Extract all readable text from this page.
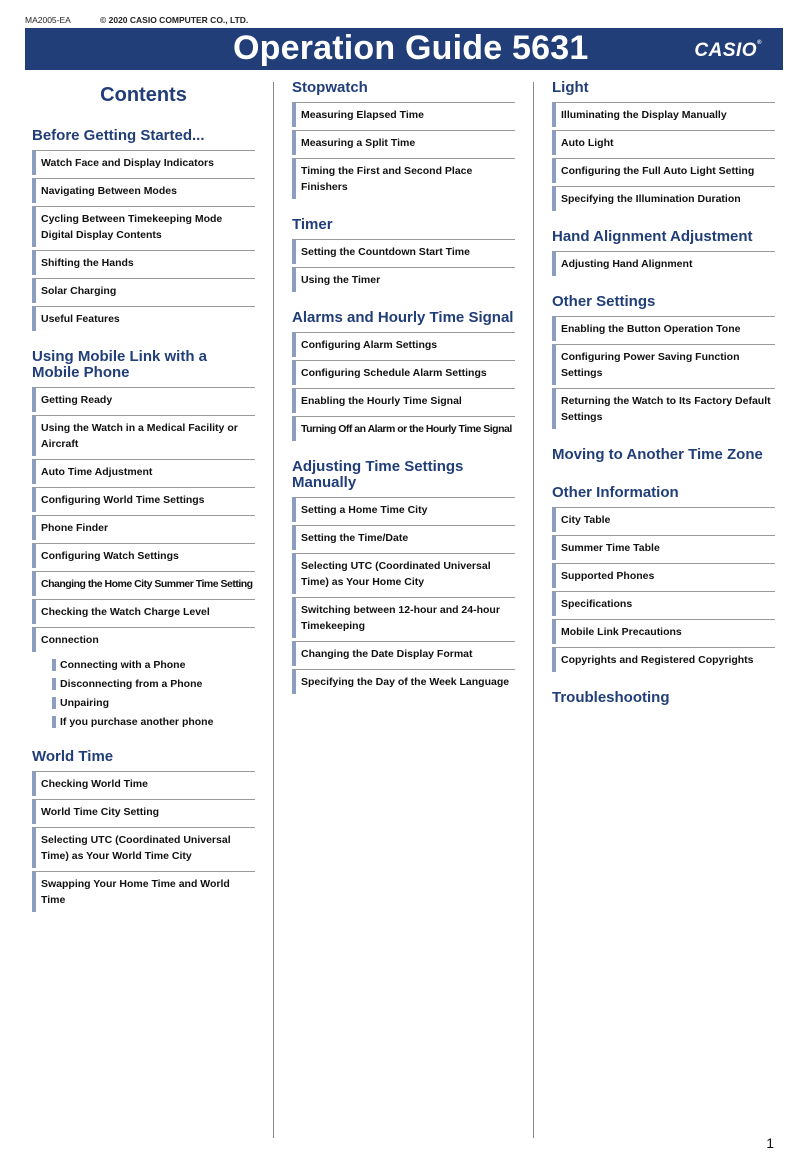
MA2005-EA	© 2020 CASIO COMPUTER CO., LTD.
Operation Guide 5631	CASIO®
Contents
Before Getting Started...
Watch Face and Display Indicators
Navigating Between Modes
Cycling Between Timekeeping Mode Digital Display Contents
Shifting the Hands
Solar Charging
Useful Features
Using Mobile Link with a Mobile Phone
Getting Ready
Using the Watch in a Medical Facility or Aircraft
Auto Time Adjustment
Configuring World Time Settings
Phone Finder
Configuring Watch Settings
Changing the Home City Summer Time Setting
Checking the Watch Charge Level
Connection
Connecting with a Phone
Disconnecting from a Phone
Unpairing
If you purchase another phone
World Time
Checking World Time
World Time City Setting
Selecting UTC (Coordinated Universal Time) as Your World Time City
Swapping Your Home Time and World Time
Stopwatch
Measuring Elapsed Time
Measuring a Split Time
Timing the First and Second Place Finishers
Timer
Setting the Countdown Start Time
Using the Timer
Alarms and Hourly Time Signal
Configuring Alarm Settings
Configuring Schedule Alarm Settings
Enabling the Hourly Time Signal
Turning Off an Alarm or the Hourly Time Signal
Adjusting Time Settings Manually
Setting a Home Time City
Setting the Time/Date
Selecting UTC (Coordinated Universal Time) as Your Home City
Switching between 12-hour and 24-hour Timekeeping
Changing the Date Display Format
Specifying the Day of the Week Language
Light
Illuminating the Display Manually
Auto Light
Configuring the Full Auto Light Setting
Specifying the Illumination Duration
Hand Alignment Adjustment
Adjusting Hand Alignment
Other Settings
Enabling the Button Operation Tone
Configuring Power Saving Function Settings
Returning the Watch to Its Factory Default Settings
Moving to Another Time Zone
Other Information
City Table
Summer Time Table
Supported Phones
Specifications
Mobile Link Precautions
Copyrights and Registered Copyrights
Troubleshooting
1
